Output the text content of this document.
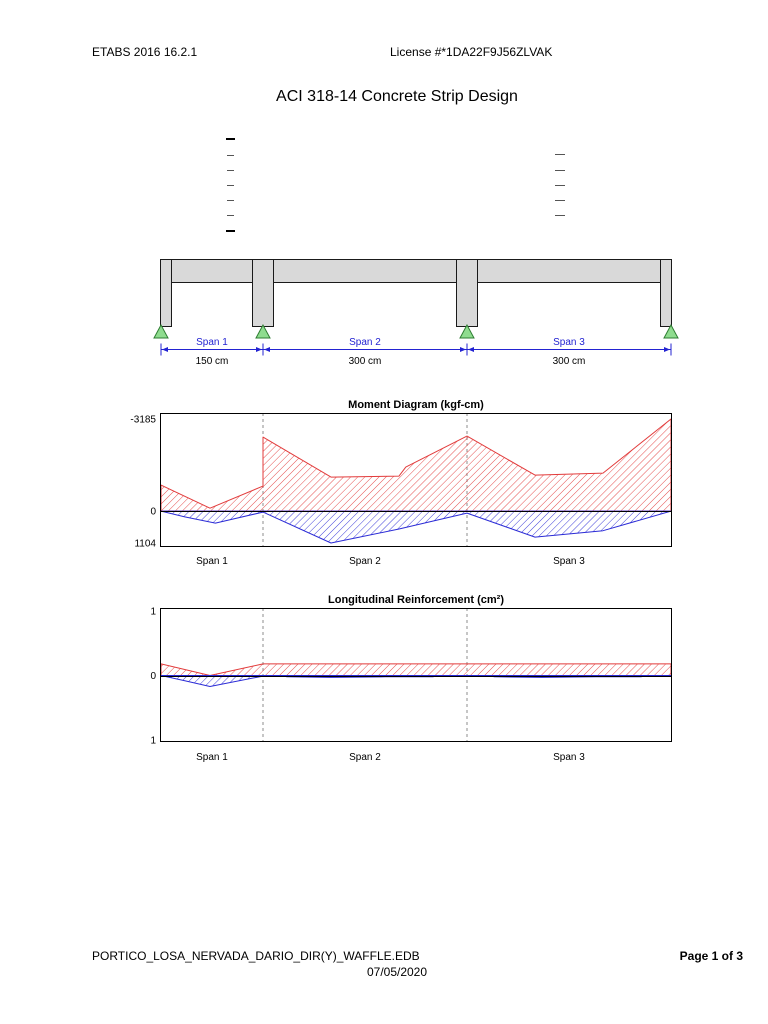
Span 1
150 cm
Span 2
300 cm
Span 3
300 cm
Moment Diagram (kgf-cm)
-3185
0
1104
Span 1	Span 2	Span 3
Longitudinal Reinforcement (cm²)
1
0
1
Span 1	Span 2	Span 3
ETABS 2016 16.2.1	License #*1DA22F9J56ZLVAK
ACI 318-14 Concrete Strip Design
PORTICO_LOSA_NERVADA_DARIO_DIR(Y)_WAFFLE.EDB	Page 1 of 3
07/05/2020
